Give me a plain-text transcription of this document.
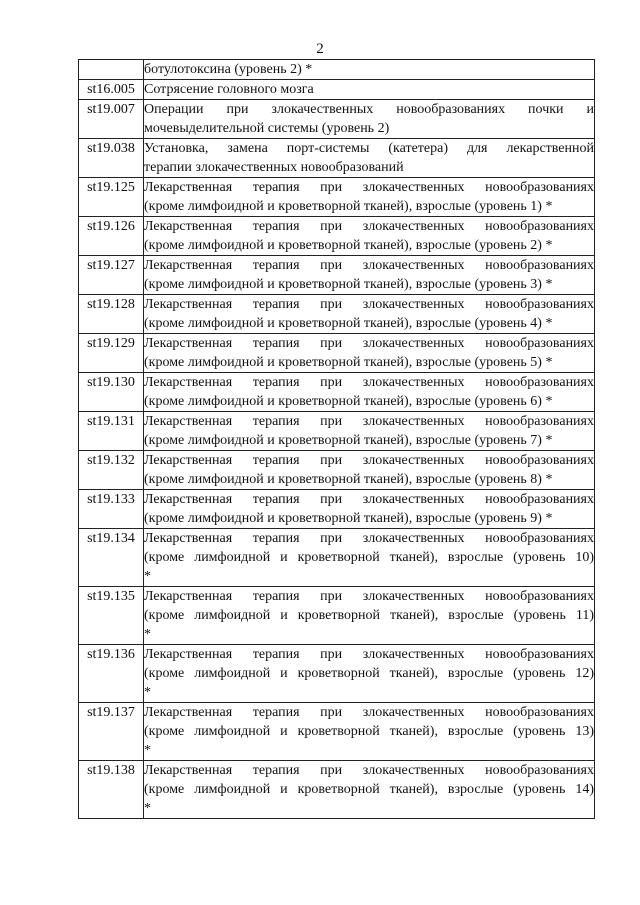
2

	ботулотоксина (уровень 2) *

st16.005	Сотрясение головного мозга

st19.007	Операции при злокачественных новообразованиях почки и
мочевыделительной системы (уровень 2)

st19.038	Установка, замена порт-системы (катетера) для лекарственной
терапии злокачественных новообразований

st19.125	Лекарственная терапия при злокачественных новообразованиях
(кроме лимфоидной и кроветворной тканей), взрослые (уровень 1) *

st19.126	Лекарственная терапия при злокачественных новообразованиях
(кроме лимфоидной и кроветворной тканей), взрослые (уровень 2) *

st19.127	Лекарственная терапия при злокачественных новообразованиях
(кроме лимфоидной и кроветворной тканей), взрослые (уровень 3) *

st19.128	Лекарственная терапия при злокачественных новообразованиях
(кроме лимфоидной и кроветворной тканей), взрослые (уровень 4) *

st19.129	Лекарственная терапия при злокачественных новообразованиях
(кроме лимфоидной и кроветворной тканей), взрослые (уровень 5) *

st19.130	Лекарственная терапия при злокачественных новообразованиях
(кроме лимфоидной и кроветворной тканей), взрослые (уровень 6) *

st19.131	Лекарственная терапия при злокачественных новообразованиях
(кроме лимфоидной и кроветворной тканей), взрослые (уровень 7) *

st19.132	Лекарственная терапия при злокачественных новообразованиях
(кроме лимфоидной и кроветворной тканей), взрослые (уровень 8) *

st19.133	Лекарственная терапия при злокачественных новообразованиях
(кроме лимфоидной и кроветворной тканей), взрослые (уровень 9) *

st19.134	Лекарственная терапия при злокачественных новообразованиях
(кроме лимфоидной и кроветворной тканей), взрослые (уровень 10)
*

st19.135	Лекарственная терапия при злокачественных новообразованиях
(кроме лимфоидной и кроветворной тканей), взрослые (уровень 11)
*

st19.136	Лекарственная терапия при злокачественных новообразованиях
(кроме лимфоидной и кроветворной тканей), взрослые (уровень 12)
*

st19.137	Лекарственная терапия при злокачественных новообразованиях
(кроме лимфоидной и кроветворной тканей), взрослые (уровень 13)
*

st19.138	Лекарственная терапия при злокачественных новообразованиях
(кроме лимфоидной и кроветворной тканей), взрослые (уровень 14)
*
